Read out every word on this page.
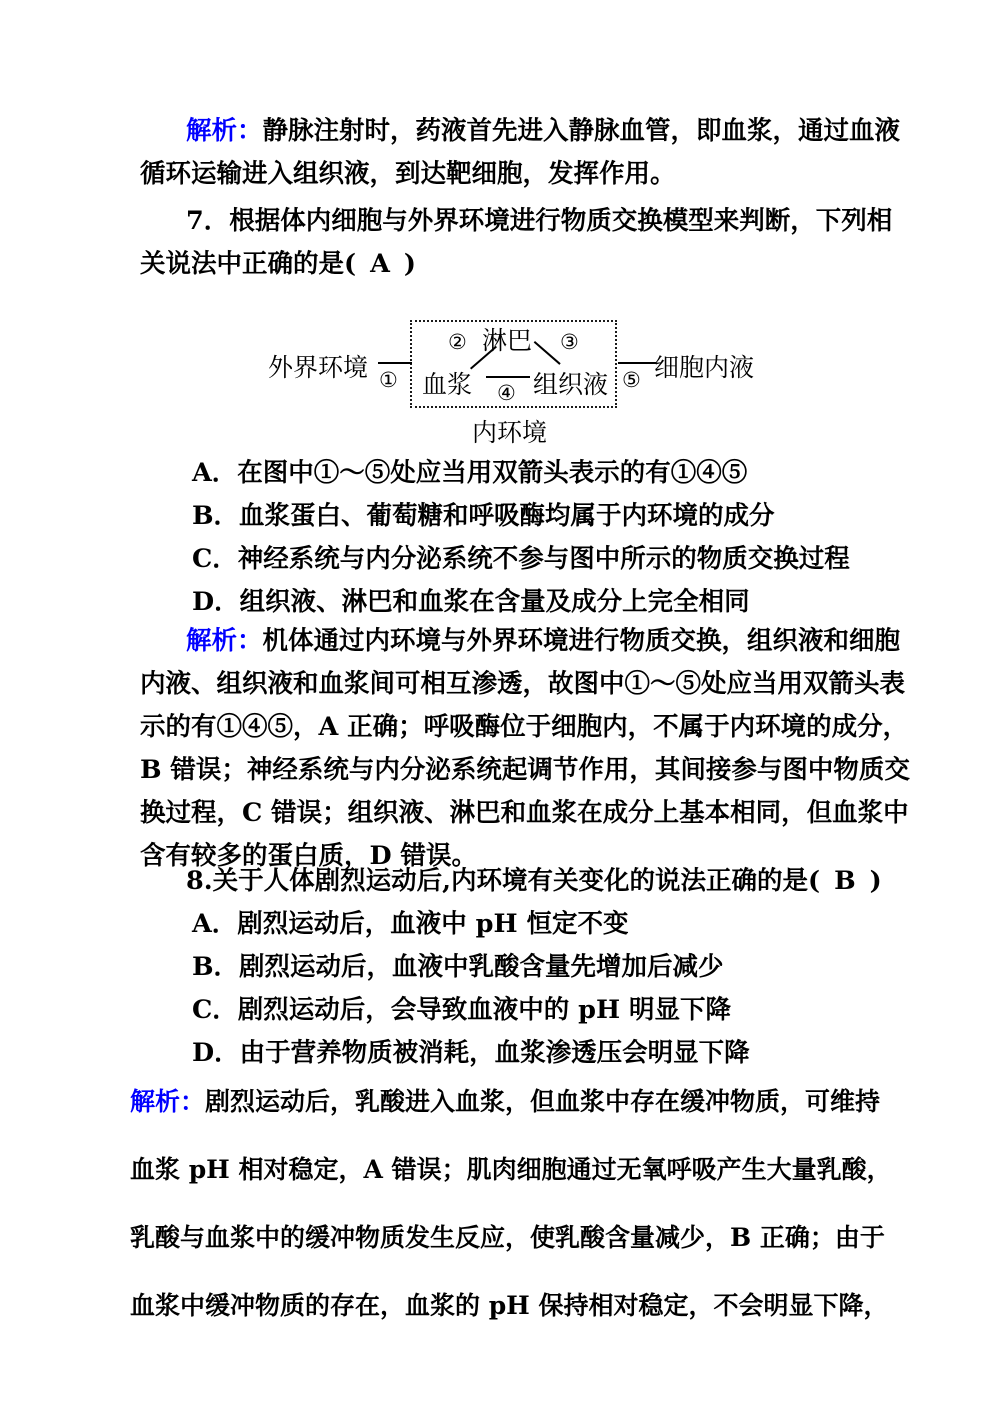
解析：静脉注射时，药液首先进入静脉血管，即血浆，通过血液
循环运输进入组织液，到达靶细胞，发挥作用。
7．根据体内细胞与外界环境进行物质交换模型来判断，下列相
关说法中正确的是( A )
外界环境 ①
淋巴
②	③
血浆 组织液
④
⑤ 细胞内液
内环境
A．在图中①～⑤处应当用双箭头表示的有①④⑤
B．血浆蛋白、葡萄糖和呼吸酶均属于内环境的成分
C．神经系统与内分泌系统不参与图中所示的物质交换过程
D．组织液、淋巴和血浆在含量及成分上完全相同
解析：机体通过内环境与外界环境进行物质交换，组织液和细胞
内液、组织液和血浆间可相互渗透，故图中①～⑤处应当用双箭头表
示的有①④⑤，A 正确；呼吸酶位于细胞内，不属于内环境的成分，
B 错误；神经系统与内分泌系统起调节作用，其间接参与图中物质交
换过程，C 错误；组织液、淋巴和血浆在成分上基本相同，但血浆中
含有较多的蛋白质，D 错误。
8.关于人体剧烈运动后,内环境有关变化的说法正确的是( B )
A．剧烈运动后，血液中 pH 恒定不变
B．剧烈运动后，血液中乳酸含量先增加后减少
C．剧烈运动后，会导致血液中的 pH 明显下降
D．由于营养物质被消耗，血浆渗透压会明显下降
解析：剧烈运动后，乳酸进入血浆，但血浆中存在缓冲物质，可维持
血浆 pH 相对稳定，A 错误；肌肉细胞通过无氧呼吸产生大量乳酸，
乳酸与血浆中的缓冲物质发生反应，使乳酸含量减少，B 正确；由于
血浆中缓冲物质的存在，血浆的 pH 保持相对稳定，不会明显下降，
